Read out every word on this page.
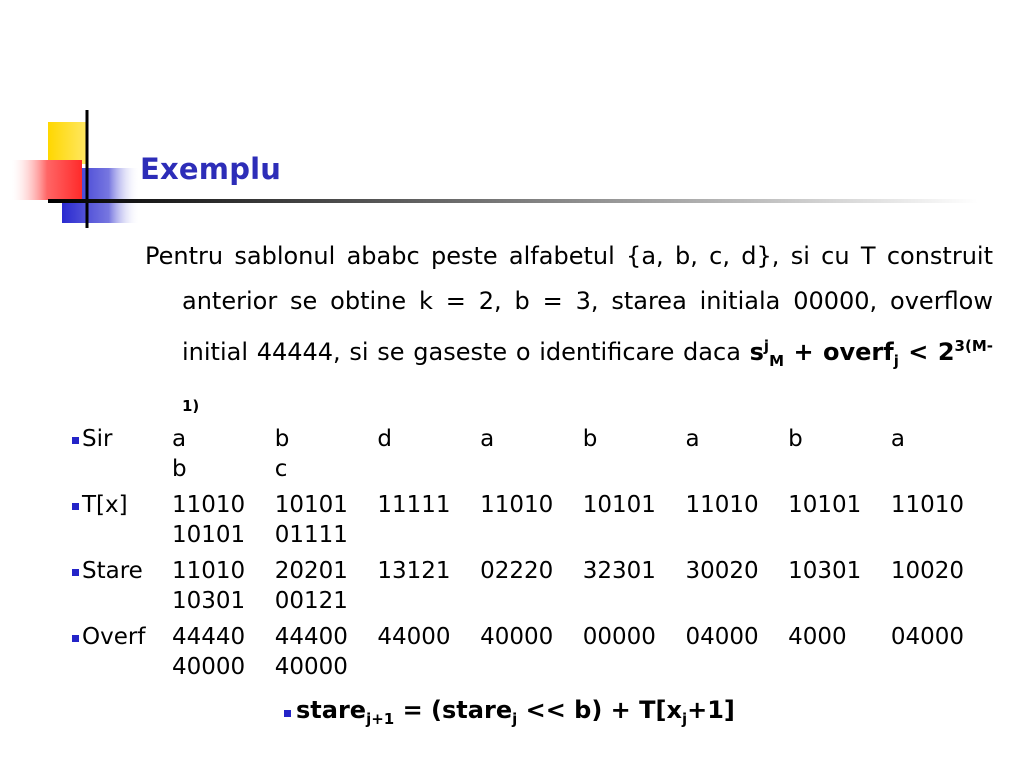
Exemplu
Pentru sablonul ababc peste alfabetul {a, b, c, d}, si cu T construit anterior se obtine k = 2, b = 3, starea initiala 00000, overflow initial 44444, si se gaseste o identificare daca $s^j_M$ + overf$_j$ < $2^{3(M-1)}$
Sir	a	b	d	a	b	a	b	a
b	c
T[x]	11010	10101	11111	11010	10101	11010	10101	11010
10101	01111
Stare	11010	20201	13121	02220	32301	30020	10301	10020
10301	00121
Overf	44440	44400	44000	40000	00000	04000	4000	04000
40000	40000
stare$_{j+1}$ = (stare$_j$ << $b) + T[x_j+1]$
